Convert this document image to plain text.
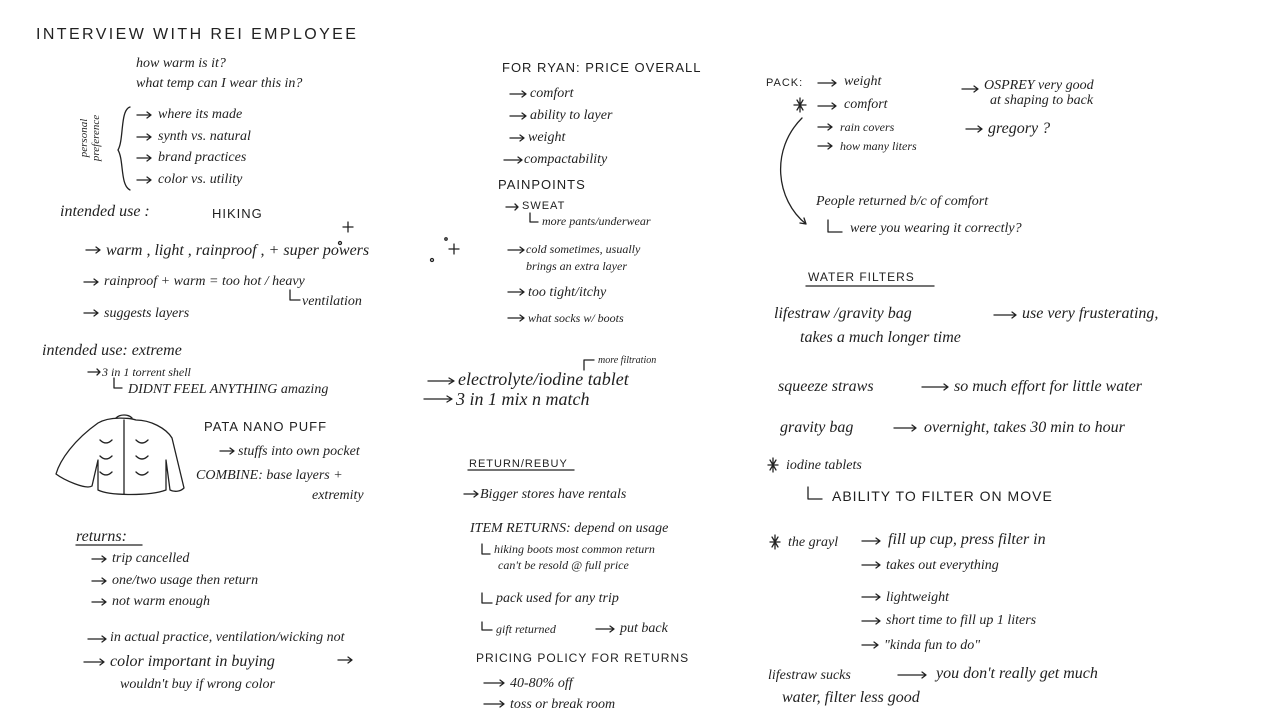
INTERVIEW WITH REI EMPLOYEE
how warm is it?
what temp can I wear this in?
personal preference
where its made
synth vs. natural
brand practices
color vs. utility
intended use :	HIKING
warm , light , rainproof , + super powers
rainproof + warm = too hot / heavy
ventilation
suggests layers
intended use: extreme
3 in 1 torrent shell
DIDNT FEEL ANYTHING amazing
PATA NANO PUFF
stuffs into own pocket
COMBINE: base layers +
extremity
returns:
trip cancelled
one/two usage then return
not warm enough
in actual practice, ventilation/wicking not
color important in buying
wouldn't buy if wrong color
FOR RYAN: PRICE OVERALL
comfort
ability to layer
weight
compactability
PAINPOINTS
SWEAT
more pants/underwear
cold sometimes, usually
brings an extra layer
too tight/itchy
what socks w/ boots
more filtration
electrolyte/iodine tablet
3 in 1 mix n match
RETURN/REBUY
Bigger stores have rentals
ITEM RETURNS: depend on usage
hiking boots most common return
can't be resold @ full price
pack used for any trip
gift returned	put back
PRICING POLICY FOR RETURNS
40-80% off
toss or break room
PACK:	weight
comfort
rain covers
how many liters
OSPREY very good
at shaping to back
gregory ?
People returned b/c of comfort
were you wearing it correctly?
WATER FILTERS
lifestraw /gravity bag	use very frusterating,
takes a much longer time
squeeze straws	so much effort for little water
gravity bag	overnight, takes 30 min to hour
iodine tablets
ABILITY TO FILTER ON MOVE
the grayl	fill up cup, press filter in
takes out everything
lightweight
short time to fill up 1 liters
"kinda fun to do"
lifestraw sucks	you don't really get much
water, filter less good
